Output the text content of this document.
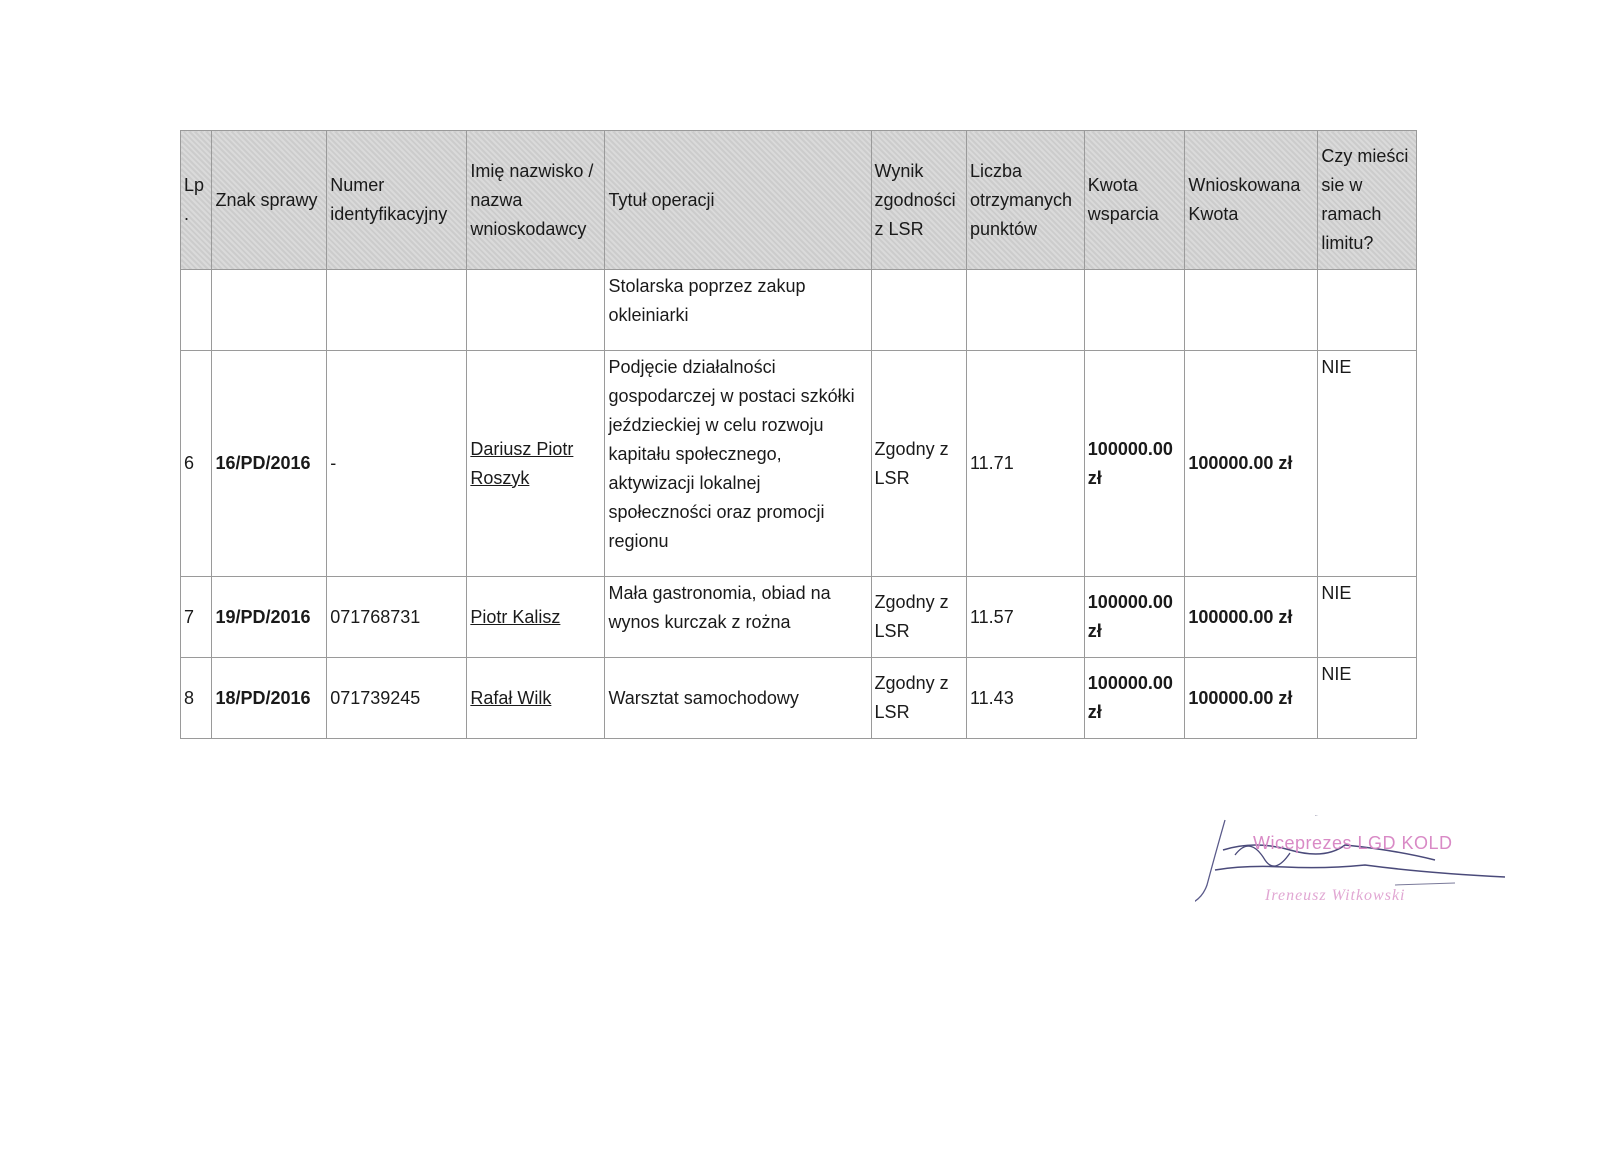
Lp.	Znak sprawy	Numer identyfikacyjny	Imię nazwisko / nazwa wnioskodawcy	Tytuł operacji	Wynik zgodności z LSR	Liczba otrzymanych punktów	Kwota wsparcia	Wnioskowana Kwota	Czy mieści sie w ramach limitu?
				Stolarska poprzez zakup okleiniarki					
6	16/PD/2016	-	Dariusz Piotr Roszyk	Podjęcie działalności gospodarczej w postaci szkółki jeździeckiej w celu rozwoju kapitału społecznego, aktywizacji lokalnej społeczności oraz promocji regionu	Zgodny z LSR	11.71	100000.00 zł	100000.00 zł	NIE
7	19/PD/2016	071768731	Piotr Kalisz	Mała gastronomia, obiad na wynos kurczak z rożna	Zgodny z LSR	11.57	100000.00 zł	100000.00 zł	NIE
8	18/PD/2016	071739245	Rafał Wilk	Warsztat samochodowy	Zgodny z LSR	11.43	100000.00 zł	100000.00 zł	NIE
Wiceprezes LGD KOLD
Ireneusz Witkowski
